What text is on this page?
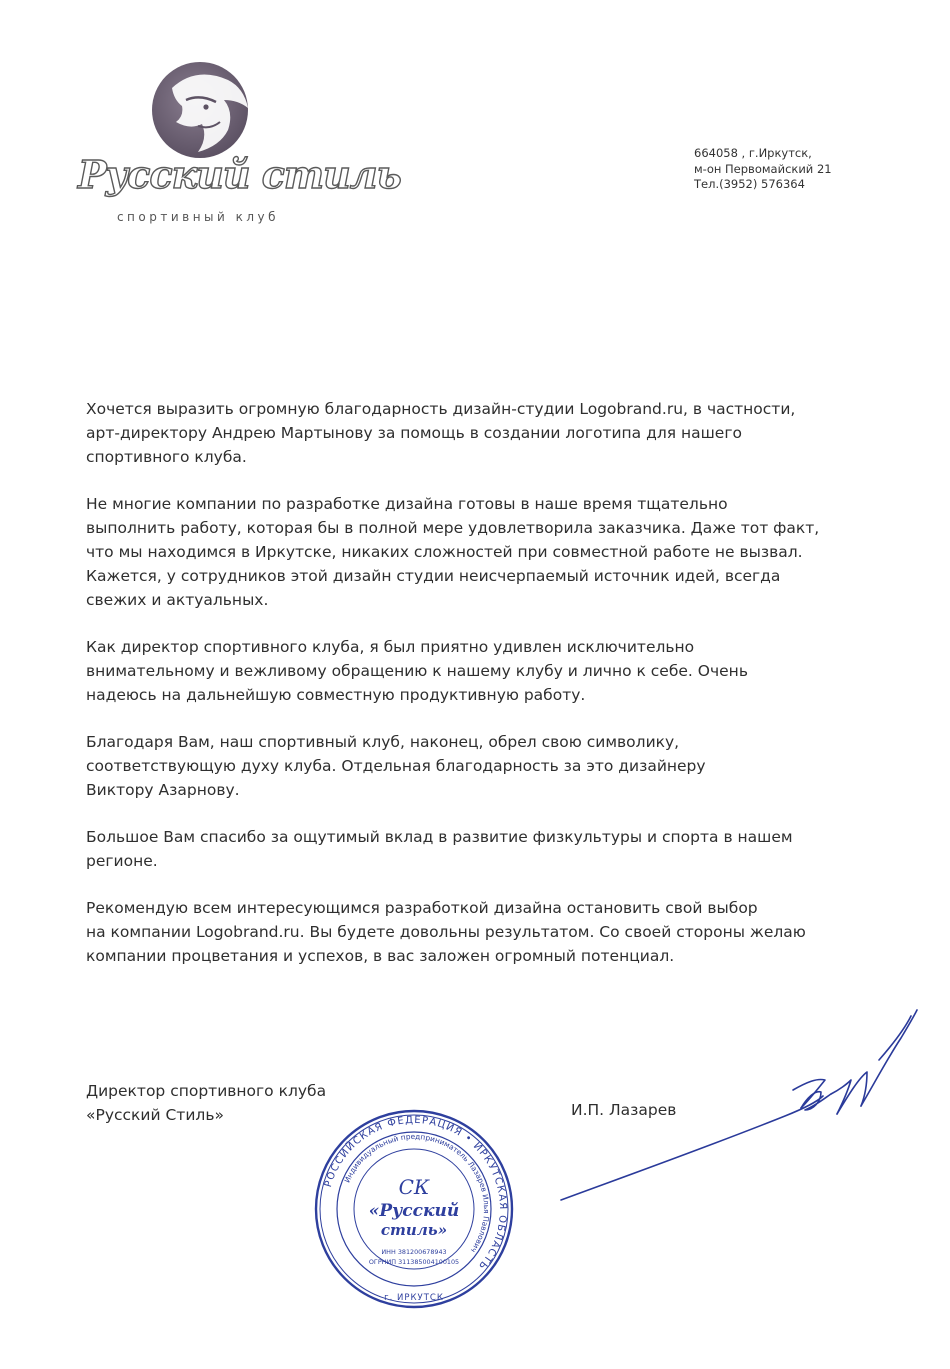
Русский стиль
спортивный клуб
664058 , г.Иркутск,
м-он Первомайский 21
Тел.(3952) 576364

Хочется выразить огромную благодарность дизайн-студии Logobrand.ru, в частности,
арт-директору Андрею Мартынову за помощь в создании логотипа для нашего
спортивного клуба.

Не многие компании по разработке дизайна готовы в наше время тщательно
выполнить работу, которая бы в полной мере удовлетворила заказчика. Даже тот факт,
что мы находимся в Иркутске, никаких сложностей при совместной работе не вызвал.
Кажется, у сотрудников этой дизайн студии неисчерпаемый источник идей, всегда
свежих и актуальных.

Как директор спортивного клуба, я был приятно удивлен исключительно
внимательному и вежливому обращению к нашему клубу и лично к себе. Очень
надеюсь на дальнейшую совместную продуктивную работу.

Благодаря Вам, наш спортивный клуб, наконец, обрел свою символику,
соответствующую духу клуба. Отдельная благодарность за это дизайнеру
Виктору Азарнову.

Большое Вам спасибо за ощутимый вклад в развитие физкультуры и спорта в нашем
регионе.

Рекомендую всем интересующимся разработкой дизайна остановить свой выбор
на компании Logobrand.ru. Вы будете довольны результатом. Со своей стороны желаю
компании процветания и успехов, в вас заложен огромный потенциал.

Директор спортивного клуба
«Русский Стиль»	И.П. Лазарев
РОССИЙСКАЯ ФЕДЕРАЦИЯ • ИРКУТСКАЯ ОБЛАСТЬ
Индивидуальный предприниматель Лазарев Илья Павлович
СК
«Русский
стиль»
ИНН 381200678943
ОГРНИП 311385004100105
г. ИРКУТСК
